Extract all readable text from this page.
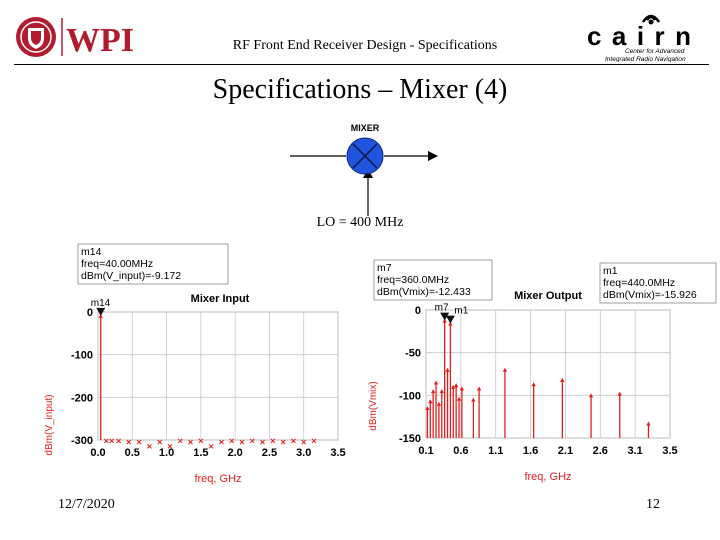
WPI	RF Front End Receiver Design - Specifications	cairn
Center for Advanced
Integrated Radio Navigation
Specifications – Mixer (4)
MIXER
LO = 400 MHz
Mixer Input
freq, GHz
dBm(V_input)	0.0 0.5 1.0 1.5 2.0 2.5 3.0 3.5
0
-100
-200
-300
m14
m14
freq=40.00MHz
dBm(V_input)=-9.172
Mixer Output
freq, GHz
dBm(Vmix)
0.1 0.6 1.1 1.6 2.1 2.6 3.1 3.5
0
-50
-100
-150
m7
m7
freq=360.0MHz
dBm(Vmix)=-12.433
m1
m1
freq=440.0MHz
dBm(Vmix)=-15.926
12/7/2020	12
